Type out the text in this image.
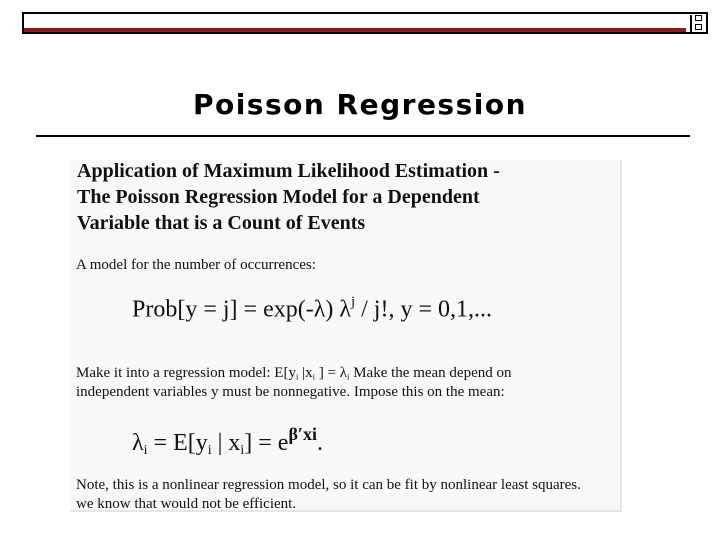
Poisson Regression
Application of Maximum Likelihood Estimation -
The Poisson Regression Model for a Dependent
Variable that is a Count of Events
A model for the number of occurrences:
Prob[y = j] = exp(-λ) $\lambda^j$ / j!, y = 0,1,...
Make it into a regression model: $E[y_i$ $|x_i$ ] = $\lambda_i$ Make the mean depend on
independent variables y must be nonnegative. Impose this on the mean:
$\lambda_i = E[y_i$ | $x_i] = e^{\beta'xi}$.
Note, this is a nonlinear regression model, so it can be fit by nonlinear least squares.
we know that would not be efficient.
